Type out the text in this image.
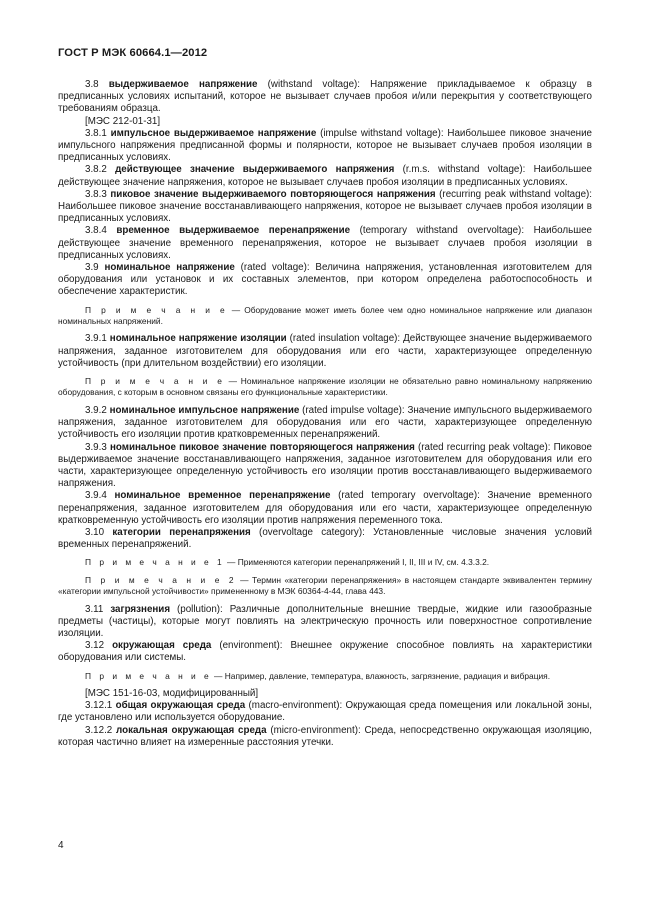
ГОСТ Р МЭК 60664.1—2012

3.8 выдерживаемое напряжение (withstand voltage): Напряжение прикладываемое к образцу в предписанных условиях испытаний, которое не вызывает случаев пробоя и/или перекрытия у соответствующего требованиям образца.

[МЭС 212-01-31]

3.8.1 импульсное выдерживаемое напряжение (impulse withstand voltage): Наибольшее пиковое значение импульсного напряжения предписанной формы и полярности, которое не вызывает случаев пробоя изоляции в предписанных условиях.

3.8.2 действующее значение выдерживаемого напряжения (r.m.s. withstand voltage): Наибольшее действующее значение напряжения, которое не вызывает случаев пробоя изоляции в предписанных условиях.

3.8.3 пиковое значение выдерживаемого повторяющегося напряжения (recurring peak withstand voltage): Наибольшее пиковое значение восстанавливающего напряжения, которое не вызывает случаев пробоя изоляции в предписанных условиях.

3.8.4 временное выдерживаемое перенапряжение (temporary withstand overvoltage): Наибольшее действующее значение временного перенапряжения, которое не вызывает случаев пробоя изоляции в предписанных условиях.

3.9 номинальное напряжение (rated voltage): Величина напряжения, установленная изготовителем для оборудования или установок и их составных элементов, при котором определена работоспособность и обеспечение характеристик.

П р и м е ч а н и е — Оборудование может иметь более чем одно номинальное напряжение или диапазон номинальных напряжений.

3.9.1 номинальное напряжение изоляции (rated insulation voltage): Действующее значение выдерживаемого напряжения, заданное изготовителем для оборудования или его части, характеризующее определенную устойчивость (при длительном воздействии) его изоляции.

П р и м е ч а н и е — Номинальное напряжение изоляции не обязательно равно номинальному напряжению оборудования, с которым в основном связаны его функциональные характеристики.

3.9.2 номинальное импульсное напряжение (rated impulse voltage): Значение импульсного выдерживаемого напряжения, заданное изготовителем для оборудования или его части, характеризующее определенную устойчивость его изоляции против кратковременных перенапряжений.

3.9.3 номинальное пиковое значение повторяющегося напряжения (rated recurring peak voltage): Пиковое выдерживаемое значение восстанавливающего напряжения, заданное изготовителем для оборудования или его части, характеризующее определенную устойчивость его изоляции против восстанавливающего выдерживаемого напряжения.

3.9.4 номинальное временное перенапряжение (rated temporary overvoltage): Значение временного перенапряжения, заданное изготовителем для оборудования или его части, характеризующее определенную кратковременную устойчивость его изоляции против напряжения переменного тока.

3.10 категории перенапряжения (overvoltage category): Установленные числовые значения условий временных перенапряжений.

П р и м е ч а н и е 1 — Применяются категории перенапряжений I, II, III и IV, см. 4.3.3.2.

П р и м е ч а н и е 2 — Термин «категории перенапряжения» в настоящем стандарте эквивалентен термину «категории импульсной устойчивости» примененному в МЭК 60364-4-44, глава 443.

3.11 загрязнения (pollution): Различные дополнительные внешние твердые, жидкие или газообразные предметы (частицы), которые могут повлиять на электрическую прочность или поверхностное сопротивление изоляции.

3.12 окружающая среда (environment): Внешнее окружение способное повлиять на характеристики оборудования или системы.

П р и м е ч а н и е — Например, давление, температура, влажность, загрязнение, радиация и вибрация.

[МЭС 151-16-03, модифицированный]

3.12.1 общая окружающая среда (macro-environment): Окружающая среда помещения или локальной зоны, где установлено или используется оборудование.

3.12.2 локальная окружающая среда (micro-environment): Среда, непосредственно окружающая изоляцию, которая частично влияет на измеренные расстояния утечки.

4
